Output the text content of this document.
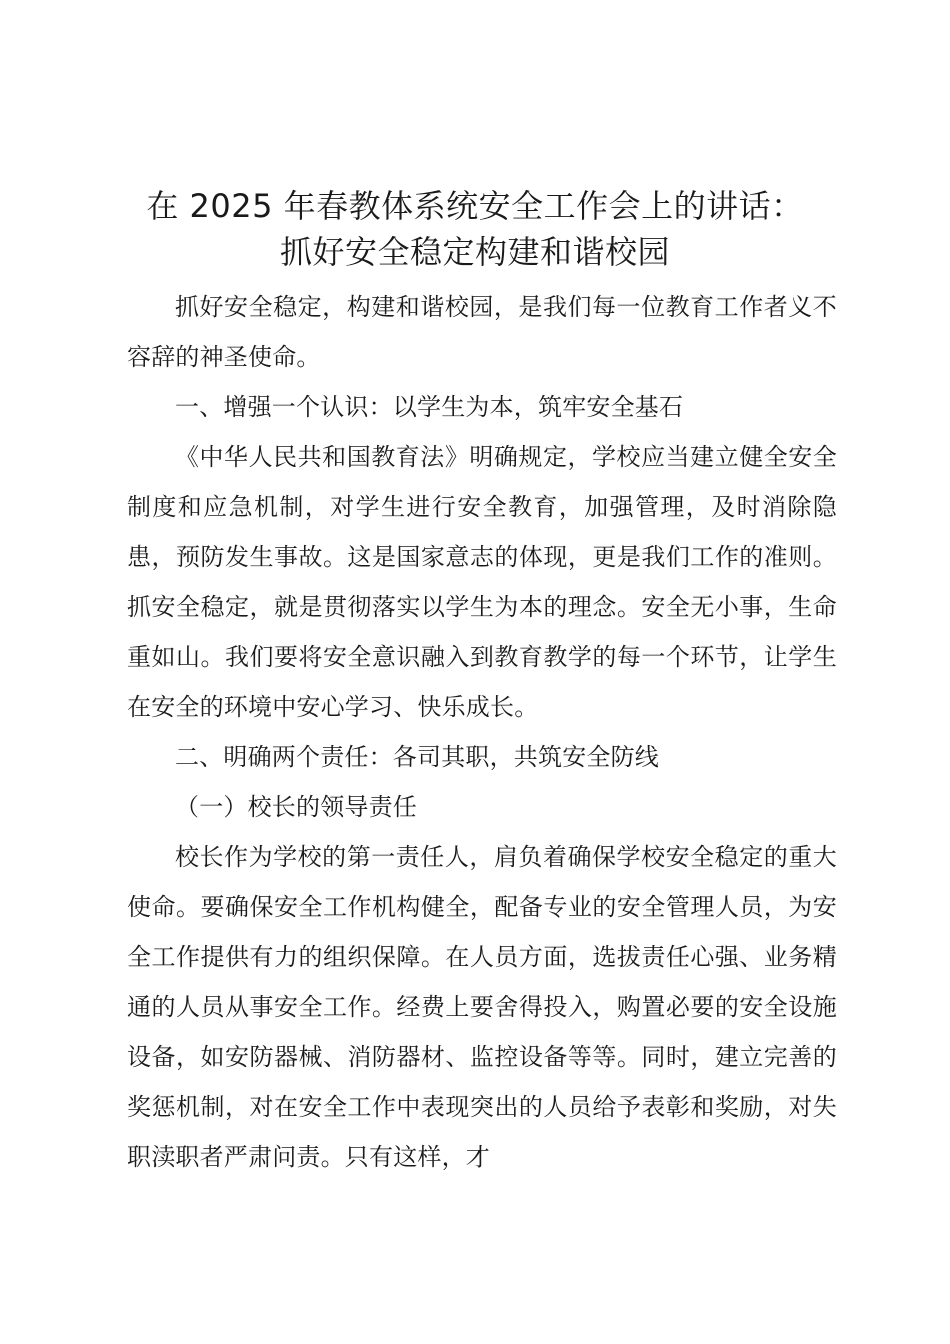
在 2025 年春教体系统安全工作会上的讲话：
抓好安全稳定构建和谐校园

抓好安全稳定，构建和谐校园，是我们每一位教育工作者义不容辞的神圣使命。

一、增强一个认识：以学生为本，筑牢安全基石

《中华人民共和国教育法》明确规定，学校应当建立健全安全制度和应急机制，对学生进行安全教育，加强管理，及时消除隐患，预防发生事故。这是国家意志的体现，更是我们工作的准则。抓安全稳定，就是贯彻落实以学生为本的理念。安全无小事，生命重如山。我们要将安全意识融入到教育教学的每一个环节，让学生在安全的环境中安心学习、快乐成长。

二、明确两个责任：各司其职，共筑安全防线

（一）校长的领导责任

校长作为学校的第一责任人，肩负着确保学校安全稳定的重大使命。要确保安全工作机构健全，配备专业的安全管理人员，为安全工作提供有力的组织保障。在人员方面，选拔责任心强、业务精通的人员从事安全工作。经费上要舍得投入，购置必要的安全设施设备，如安防器械、消防器材、监控设备等等。同时，建立完善的奖惩机制，对在安全工作中表现突出的人员给予表彰和奖励，对失职渎职者严肃问责。只有这样，才
